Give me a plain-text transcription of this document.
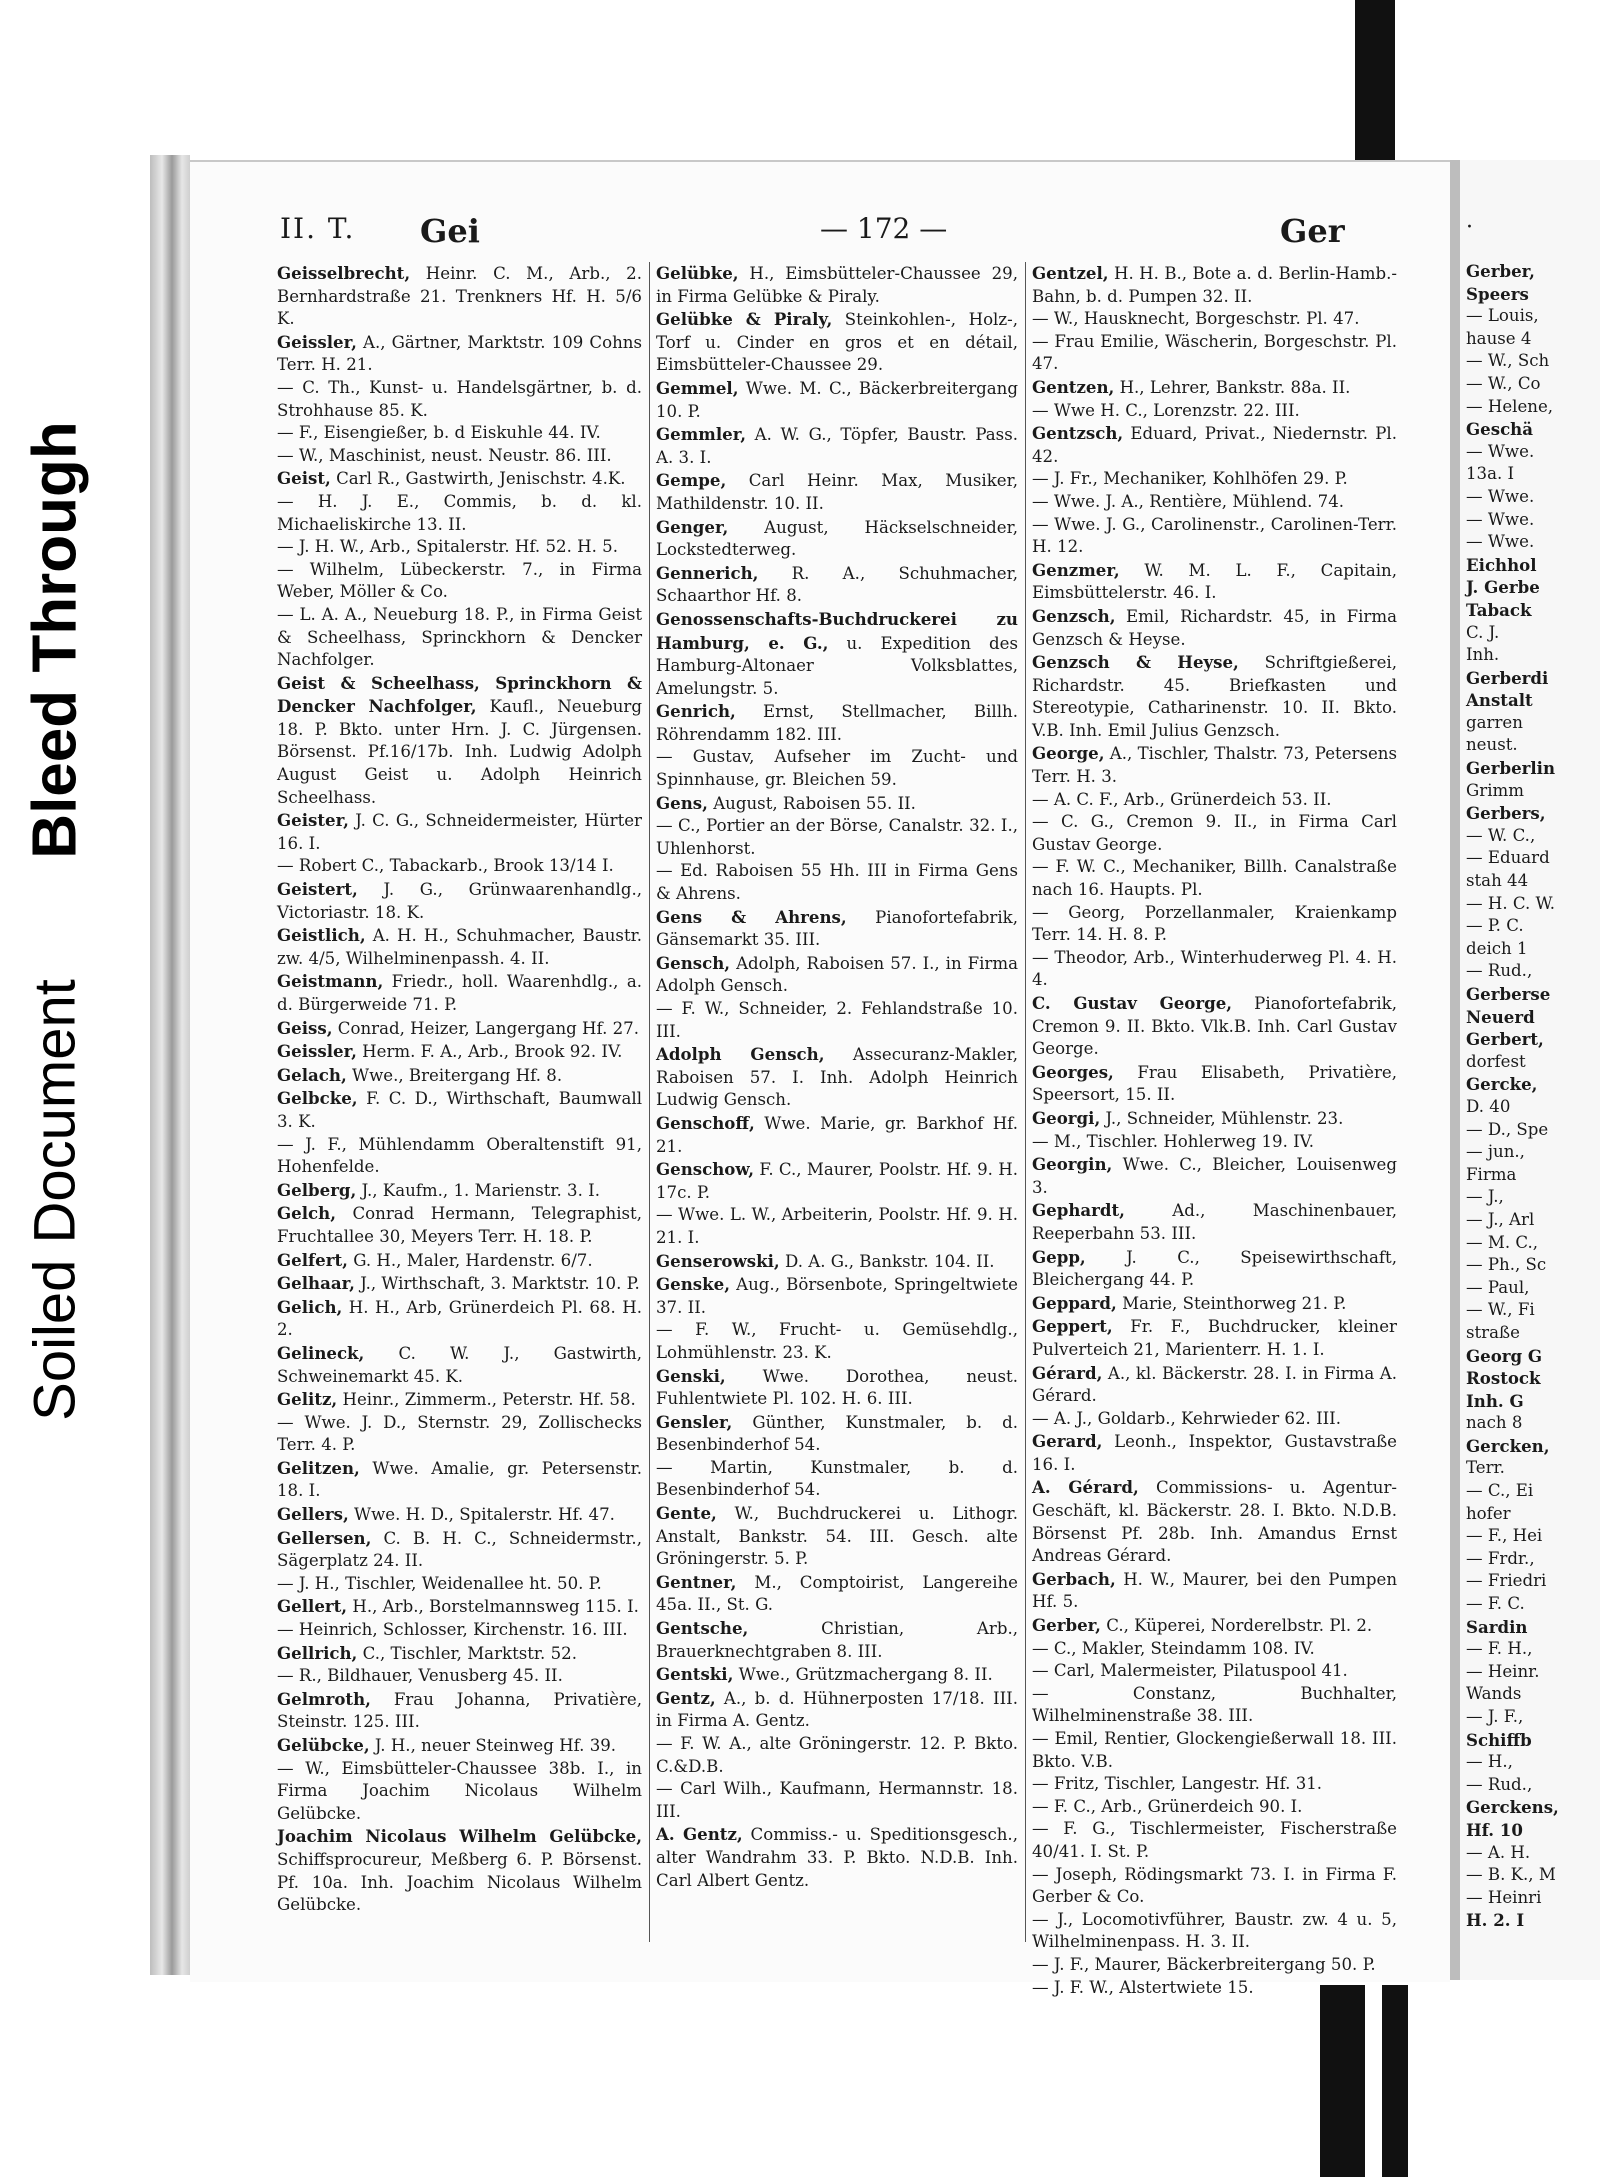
Bleed Through
Soiled Document
II. T. Gei	— 172 —	Ger
Geisselbrecht, Heinr. C. M., Arb., 2. Bernhardstraße 21. Trenkners Hf. H. 5/6 K.
Geissler, A., Gärtner, Marktstr. 109 Cohns Terr. H. 21.
— C. Th., Kunst- u. Handelsgärtner, b. d. Strohhause 85. K.
— F., Eisengießer, b. d Eiskuhle 44. IV.
— W., Maschinist, neust. Neustr. 86. III.
Geist, Carl R., Gastwirth, Jenischstr. 4.K.
— H. J. E., Commis, b. d. kl. Michaeliskirche 13. II.
— J. H. W., Arb., Spitalerstr. Hf. 52. H. 5.
— Wilhelm, Lübeckerstr. 7., in Firma Weber, Möller & Co.
— L. A. A., Neueburg 18. P., in Firma Geist & Scheelhass, Sprinckhorn & Dencker Nachfolger.
Geist & Scheelhass, Sprinckhorn & Dencker Nachfolger, Kaufl., Neueburg 18. P. Bkto. unter Hrn. J. C. Jürgensen. Börsenst. Pf.16/17b. Inh. Ludwig Adolph August Geist u. Adolph Heinrich Scheelhass.
Geister, J. C. G., Schneidermeister, Hürter 16. I.
— Robert C., Tabackarb., Brook 13/14 I.
Geistert, J. G., Grünwaarenhandlg., Victoriastr. 18. K.
Geistlich, A. H. H., Schuhmacher, Baustr. zw. 4/5, Wilhelminenpassh. 4. II.
Geistmann, Friedr., holl. Waarenhdlg., a. d. Bürgerweide 71. P.
Geiss, Conrad, Heizer, Langergang Hf. 27.
Geissler, Herm. F. A., Arb., Brook 92. IV.
Gelach, Wwe., Breitergang Hf. 8.
Gelbcke, F. C. D., Wirthschaft, Baumwall 3. K.
— J. F., Mühlendamm Oberaltenstift 91, Hohenfelde.
Gelberg, J., Kaufm., 1. Marienstr. 3. I.
Gelch, Conrad Hermann, Telegraphist, Fruchtallee 30, Meyers Terr. H. 18. P.
Gelfert, G. H., Maler, Hardenstr. 6/7.
Gelhaar, J., Wirthschaft, 3. Marktstr. 10. P.
Gelich, H. H., Arb, Grünerdeich Pl. 68. H. 2.
Gelineck, C. W. J., Gastwirth, Schweinemarkt 45. K.
Gelitz, Heinr., Zimmerm., Peterstr. Hf. 58.
— Wwe. J. D., Sternstr. 29, Zollischecks Terr. 4. P.
Gelitzen, Wwe. Amalie, gr. Petersenstr. 18. I.
Gellers, Wwe. H. D., Spitalerstr. Hf. 47.
Gellersen, C. B. H. C., Schneidermstr., Sägerplatz 24. II.
— J. H., Tischler, Weidenallee ht. 50. P.
Gellert, H., Arb., Borstelmannsweg 115. I.
— Heinrich, Schlosser, Kirchenstr. 16. III.
Gellrich, C., Tischler, Marktstr. 52.
— R., Bildhauer, Venusberg 45. II.
Gelmroth, Frau Johanna, Privatière, Steinstr. 125. III.
Gelübcke, J. H., neuer Steinweg Hf. 39.
— W., Eimsbütteler-Chaussee 38b. I., in Firma Joachim Nicolaus Wilhelm Gelübcke.
Joachim Nicolaus Wilhelm Gelübcke, Schiffsprocureur, Meßberg 6. P. Börsenst. Pf. 10a. Inh. Joachim Nicolaus Wilhelm Gelübcke.
Gelübke, H., Eimsbütteler-Chaussee 29, in Firma Gelübke & Piraly.
Gelübke & Piraly, Steinkohlen-, Holz-, Torf u. Cinder en gros et en détail, Eimsbütteler-Chaussee 29.
Gemmel, Wwe. M. C., Bäckerbreitergang 10. P.
Gemmler, A. W. G., Töpfer, Baustr. Pass. A. 3. I.
Gempe, Carl Heinr. Max, Musiker, Mathildenstr. 10. II.
Genger, August, Häckselschneider, Lockstedterweg.
Gennerich, R. A., Schuhmacher, Schaarthor Hf. 8.
Genossenschafts-Buchdruckerei zu Hamburg, e. G., u. Expedition des Hamburg-Altonaer Volksblattes, Amelungstr. 5.
Genrich, Ernst, Stellmacher, Billh. Röhrendamm 182. III.
— Gustav, Aufseher im Zucht- und Spinnhause, gr. Bleichen 59.
Gens, August, Raboisen 55. II.
— C., Portier an der Börse, Canalstr. 32. I., Uhlenhorst.
— Ed. Raboisen 55 Hh. III in Firma Gens & Ahrens.
Gens & Ahrens, Pianofortefabrik, Gänsemarkt 35. III.
Gensch, Adolph, Raboisen 57. I., in Firma Adolph Gensch.
— F. W., Schneider, 2. Fehlandstraße 10. III.
Adolph Gensch, Assecuranz-Makler, Raboisen 57. I. Inh. Adolph Heinrich Ludwig Gensch.
Genschoff, Wwe. Marie, gr. Barkhof Hf. 21.
Genschow, F. C., Maurer, Poolstr. Hf. 9. H. 17c. P.
— Wwe. L. W., Arbeiterin, Poolstr. Hf. 9. H. 21. I.
Genserowski, D. A. G., Bankstr. 104. II.
Genske, Aug., Börsenbote, Springeltwiete 37. II.
— F. W., Frucht- u. Gemüsehdlg., Lohmühlenstr. 23. K.
Genski, Wwe. Dorothea, neust. Fuhlentwiete Pl. 102. H. 6. III.
Gensler, Günther, Kunstmaler, b. d. Besenbinderhof 54.
— Martin, Kunstmaler, b. d. Besenbinderhof 54.
Gente, W., Buchdruckerei u. Lithogr. Anstalt, Bankstr. 54. III. Gesch. alte Gröningerstr. 5. P.
Gentner, M., Comptoirist, Langereihe 45a. II., St. G.
Gentsche,	Christian, Arb., Brauerknechtgraben 8. III.
Gentski, Wwe., Grützmachergang 8. II.
Gentz, A., b. d. Hühnerposten 17/18. III. in Firma A. Gentz.
— F. W. A., alte Gröningerstr. 12. P. Bkto. C.&D.B.
— Carl Wilh., Kaufmann, Hermannstr. 18. III.
A. Gentz, Commiss.- u. Speditionsgesch., alter Wandrahm 33. P. Bkto. N.D.B. Inh. Carl Albert Gentz.
Gentzel, H. H. B., Bote a. d. Berlin-Hamb.-Bahn, b. d. Pumpen 32. II.
— W., Hausknecht, Borgeschstr. Pl. 47.
— Frau Emilie, Wäscherin, Borgeschstr. Pl. 47.
Gentzen, H., Lehrer, Bankstr. 88a. II.
— Wwe H. C., Lorenzstr. 22. III.
Gentzsch, Eduard, Privat., Niedernstr. Pl. 42.
— J. Fr., Mechaniker, Kohlhöfen 29. P.
— Wwe. J. A., Rentière, Mühlend. 74.
— Wwe. J. G., Carolinenstr., Carolinen-Terr. H. 12.
Genzmer, W. M. L. F., Capitain, Eimsbüttelerstr. 46. I.
Genzsch, Emil, Richardstr. 45, in Firma Genzsch & Heyse.
Genzsch & Heyse, Schriftgießerei, Richardstr. 45. Briefkasten und Stereotypie, Catharinenstr. 10. II. Bkto. V.B. Inh. Emil Julius Genzsch.
George, A., Tischler, Thalstr. 73, Petersens Terr. H. 3.
— A. C. F., Arb., Grünerdeich 53. II.
— C. G., Cremon 9. II., in Firma Carl Gustav George.
— F. W. C., Mechaniker, Billh. Canalstraße nach 16. Haupts. Pl.
— Georg, Porzellanmaler, Kraienkamp Terr. 14. H. 8. P.
— Theodor, Arb., Winterhuderweg Pl. 4. H. 4.
C. Gustav George, Pianofortefabrik, Cremon 9. II. Bkto. Vlk.B. Inh. Carl Gustav George.
Georges, Frau Elisabeth, Privatière, Speersort, 15. II.
Georgi, J., Schneider, Mühlenstr. 23.
— M., Tischler. Hohlerweg 19. IV.
Georgin, Wwe. C., Bleicher, Louisenweg 3.
Gephardt,	Ad., Maschinenbauer, Reeperbahn 53. III.
Gepp, J. C., Speisewirthschaft, Bleichergang 44. P.
Geppard, Marie, Steinthorweg 21. P.
Geppert, Fr. F., Buchdrucker, kleiner Pulverteich 21, Marienterr. H. 1. I.
Gérard, A., kl. Bäckerstr. 28. I. in Firma A. Gérard.
— A. J., Goldarb., Kehrwieder 62. III.
Gerard, Leonh., Inspektor, Gustavstraße 16. I.
A. Gérard, Commissions- u. Agentur-Geschäft, kl. Bäckerstr. 28. I. Bkto. N.D.B. Börsenst Pf. 28b. Inh. Amandus Ernst Andreas Gérard.
Gerbach, H. W., Maurer, bei den Pumpen Hf. 5.
Gerber, C., Küperei, Norderelbstr. Pl. 2.
— C., Makler, Steindamm 108. IV.
— Carl, Malermeister, Pilatuspool 41.
— Constanz, Buchhalter, Wilhelminenstraße 38. III.
— Emil, Rentier, Glockengießerwall 18. III. Bkto. V.B.
— Fritz, Tischler, Langestr. Hf. 31.
— F. C., Arb., Grünerdeich 90. I.
— F. G., Tischlermeister, Fischerstraße 40/41. I. St. P.
— Joseph, Rödingsmarkt 73. I. in Firma F. Gerber & Co.
— J., Locomotivführer, Baustr. zw. 4 u. 5, Wilhelminenpass. H. 3. II.
— J. F., Maurer, Bäckerbreitergang 50. P.
— J. F. W., Alstertwiete 15.
·
Gerber,
Speers
— Louis,
hause 4
— W., Sch
— W., Co
— Helene,
Geschä
— Wwe.
13a. I
— Wwe.
— Wwe.
— Wwe.
Eichhol
J. Gerbe
Taback
C. J.
Inh.
Gerberdi
Anstalt
garren
neust.
Gerberlin
Grimm
Gerbers,
— W. C.,
— Eduard
stah 44
— H. C. W.
— P. C.
deich 1
— Rud.,
Gerberse
Neuerd
Gerbert,
dorfest
Gercke,
D. 40
— D., Spe
— jun.,
Firma
— J.,
— J., Arl
— M. C.,
— Ph., Sc
— Paul,
— W., Fi
straße
Georg G
Rostock
Inh. G
nach 8
Gercken,
Terr.
— C., Ei
hofer
— F., Hei
— Frdr.,
— Friedri
— F. C.
Sardin
— F. H.,
— Heinr.
Wands
— J. F.,
Schiffb
— H.,
— Rud.,
Gerckens,
Hf. 10
— A. H.
— B. K., M
— Heinri
H. 2. I
